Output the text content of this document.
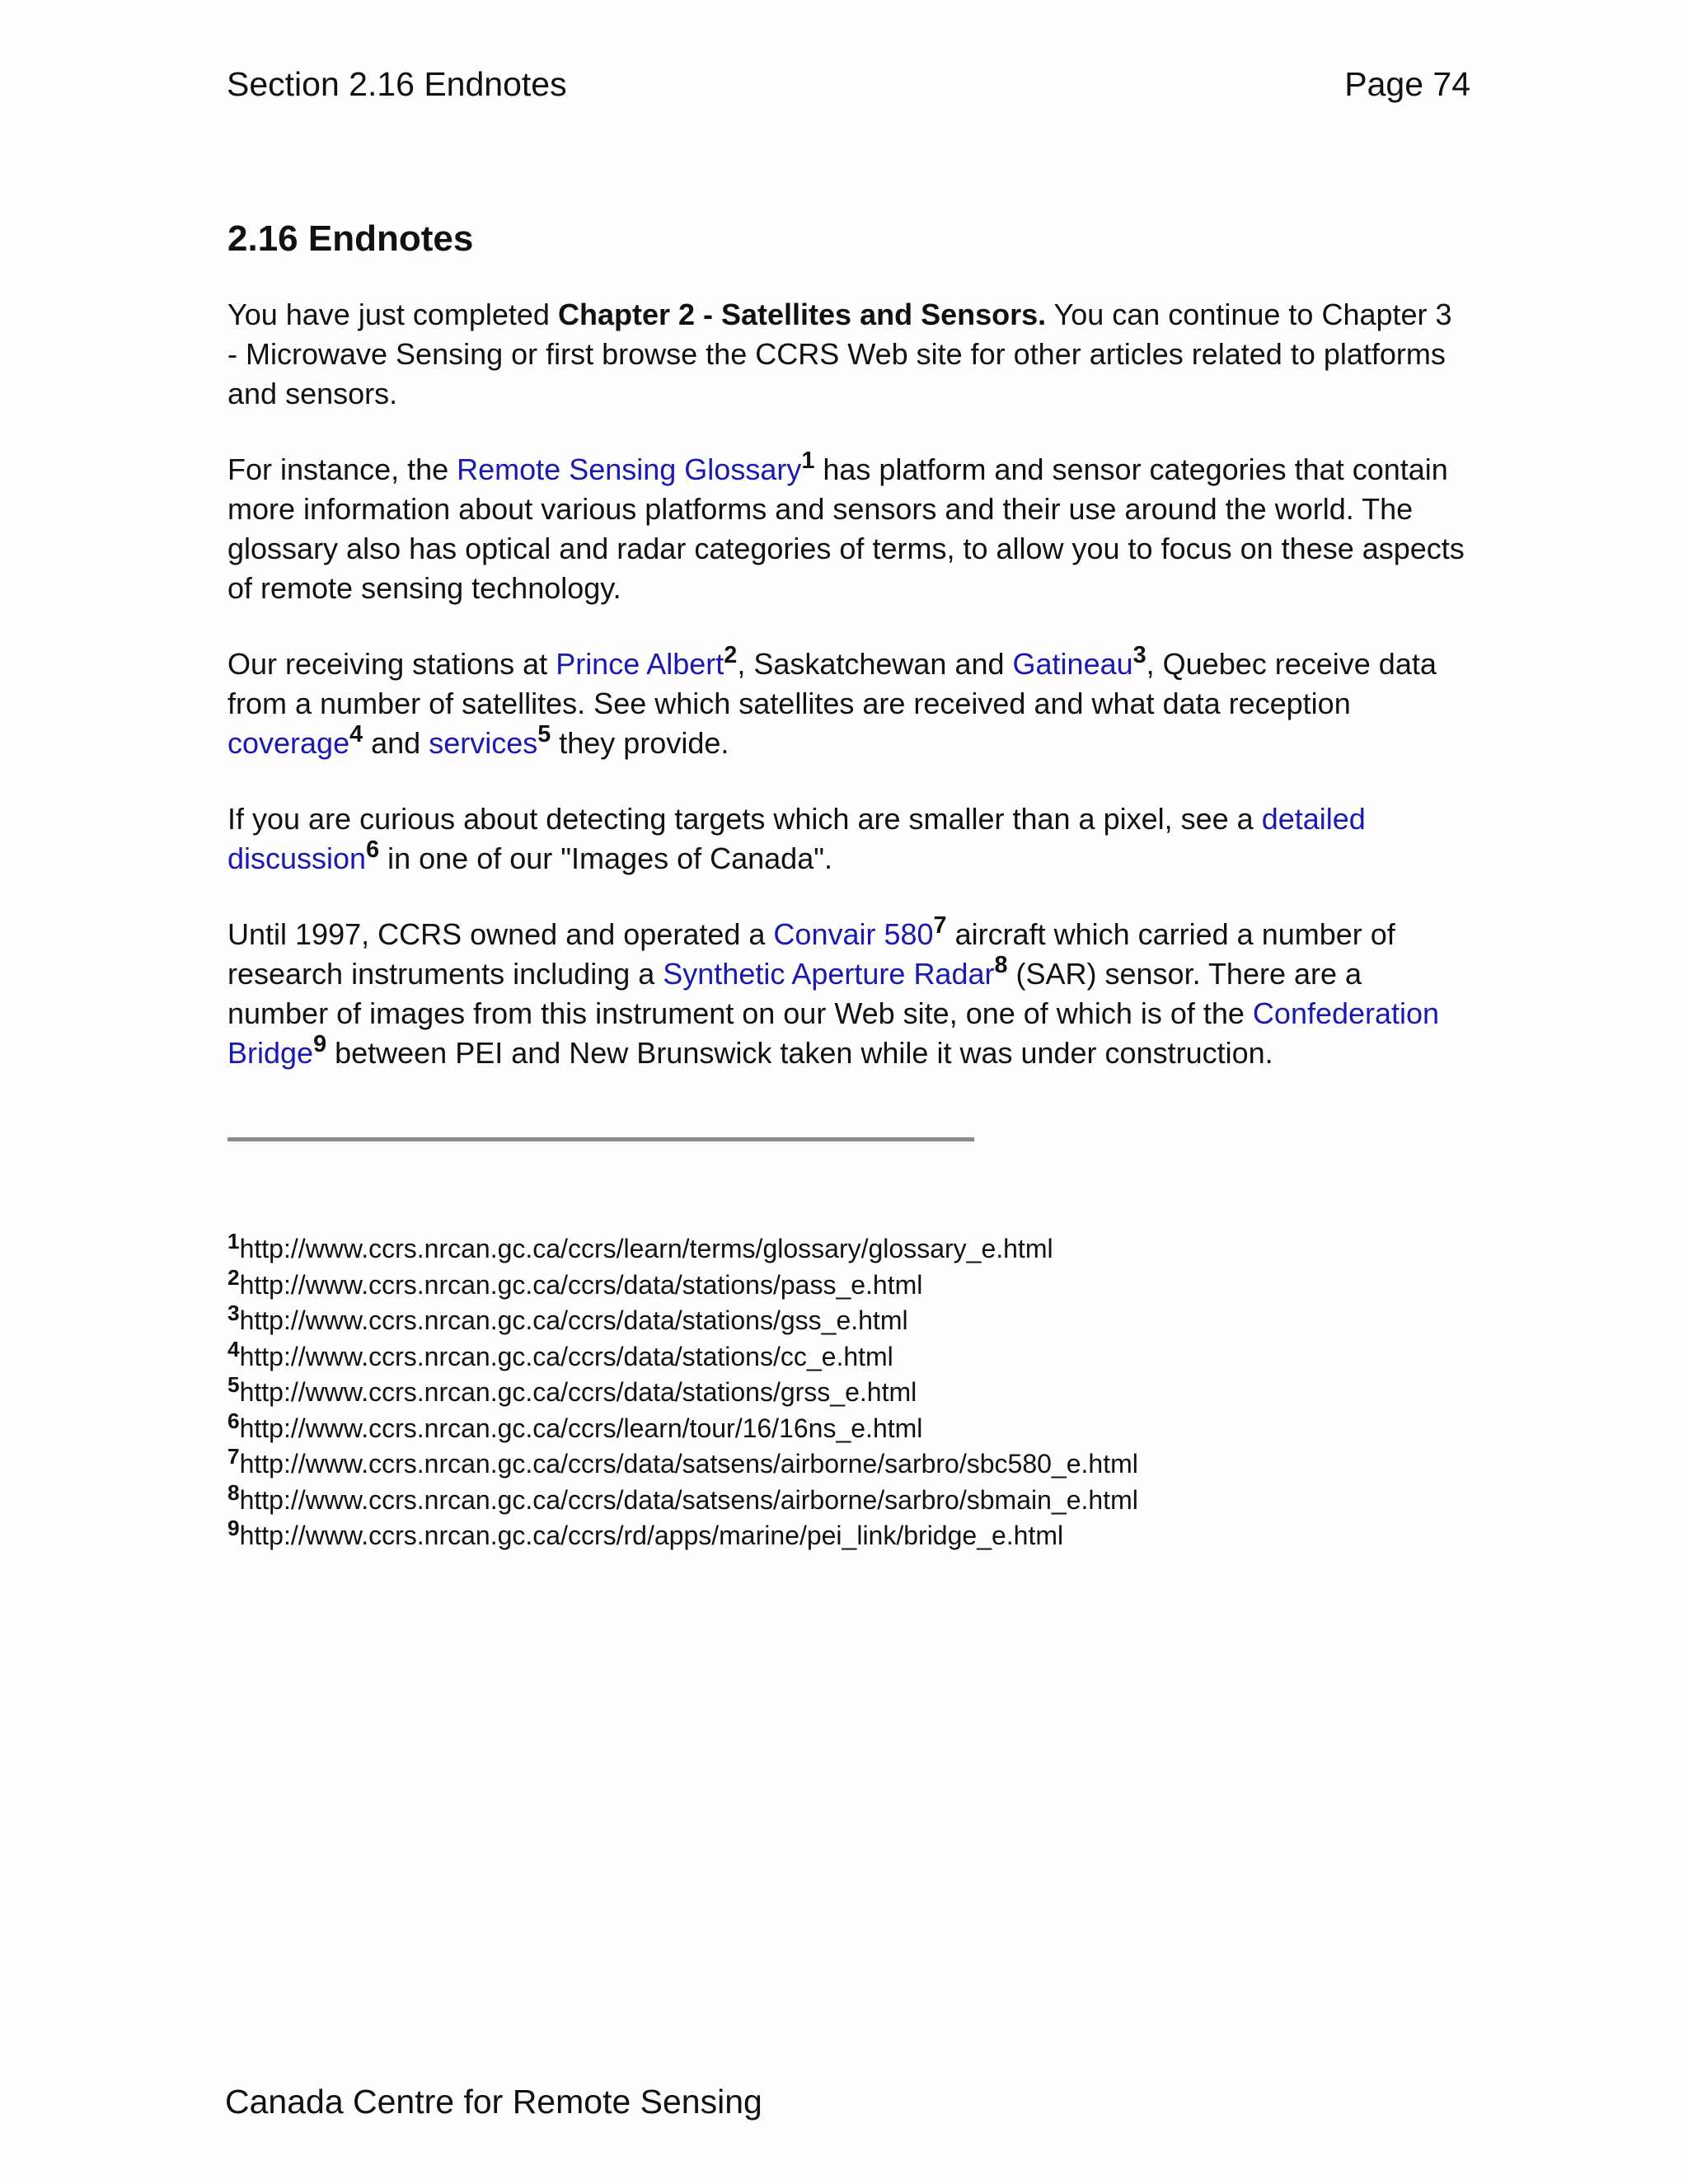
Section 2.16 Endnotes	Page 74
2.16 Endnotes

You have just completed Chapter 2 - Satellites and Sensors. You can continue to Chapter 3 - Microwave Sensing or first browse the CCRS Web site for other articles related to platforms and sensors.

For instance, the Remote Sensing Glossary$^1$ has platform and sensor categories that contain more information about various platforms and sensors and their use around the world. The glossary also has optical and radar categories of terms, to allow you to focus on these aspects of remote sensing technology.

Our receiving stations at Prince Albert$^2$, Saskatchewan and Gatineau$^3$, Quebec receive data from a number of satellites. See which satellites are received and what data reception coverage$^4$ and services$^5$ they provide.

If you are curious about detecting targets which are smaller than a pixel, see a detailed discussion$^6$ in one of our "Images of Canada".

Until 1997, CCRS owned and operated a Convair $580^7$ aircraft which carried a number of research instruments including a Synthetic Aperture Radar$^8$ (SAR) sensor. There are a number of images from this instrument on our Web site, one of which is of the Confederation Bridge$^9$ between PEI and New Brunswick taken while it was under construction.

$^1$http://www.ccrs.nrcan.gc.ca/ccrs/learn/terms/glossary/glossary_e.html
$^2$http://www.ccrs.nrcan.gc.ca/ccrs/data/stations/pass_e.html
$^3$http://www.ccrs.nrcan.gc.ca/ccrs/data/stations/gss_e.html
$^4$http://www.ccrs.nrcan.gc.ca/ccrs/data/stations/cc_e.html
$^5$http://www.ccrs.nrcan.gc.ca/ccrs/data/stations/grss_e.html
$^6$http://www.ccrs.nrcan.gc.ca/ccrs/learn/tour/16/16ns_e.html
$^7$http://www.ccrs.nrcan.gc.ca/ccrs/data/satsens/airborne/sarbro/sbc580_e.html
$^8$http://www.ccrs.nrcan.gc.ca/ccrs/data/satsens/airborne/sarbro/sbmain_e.html
$^9$http://www.ccrs.nrcan.gc.ca/ccrs/rd/apps/marine/pei_link/bridge_e.html
Canada Centre for Remote Sensing
